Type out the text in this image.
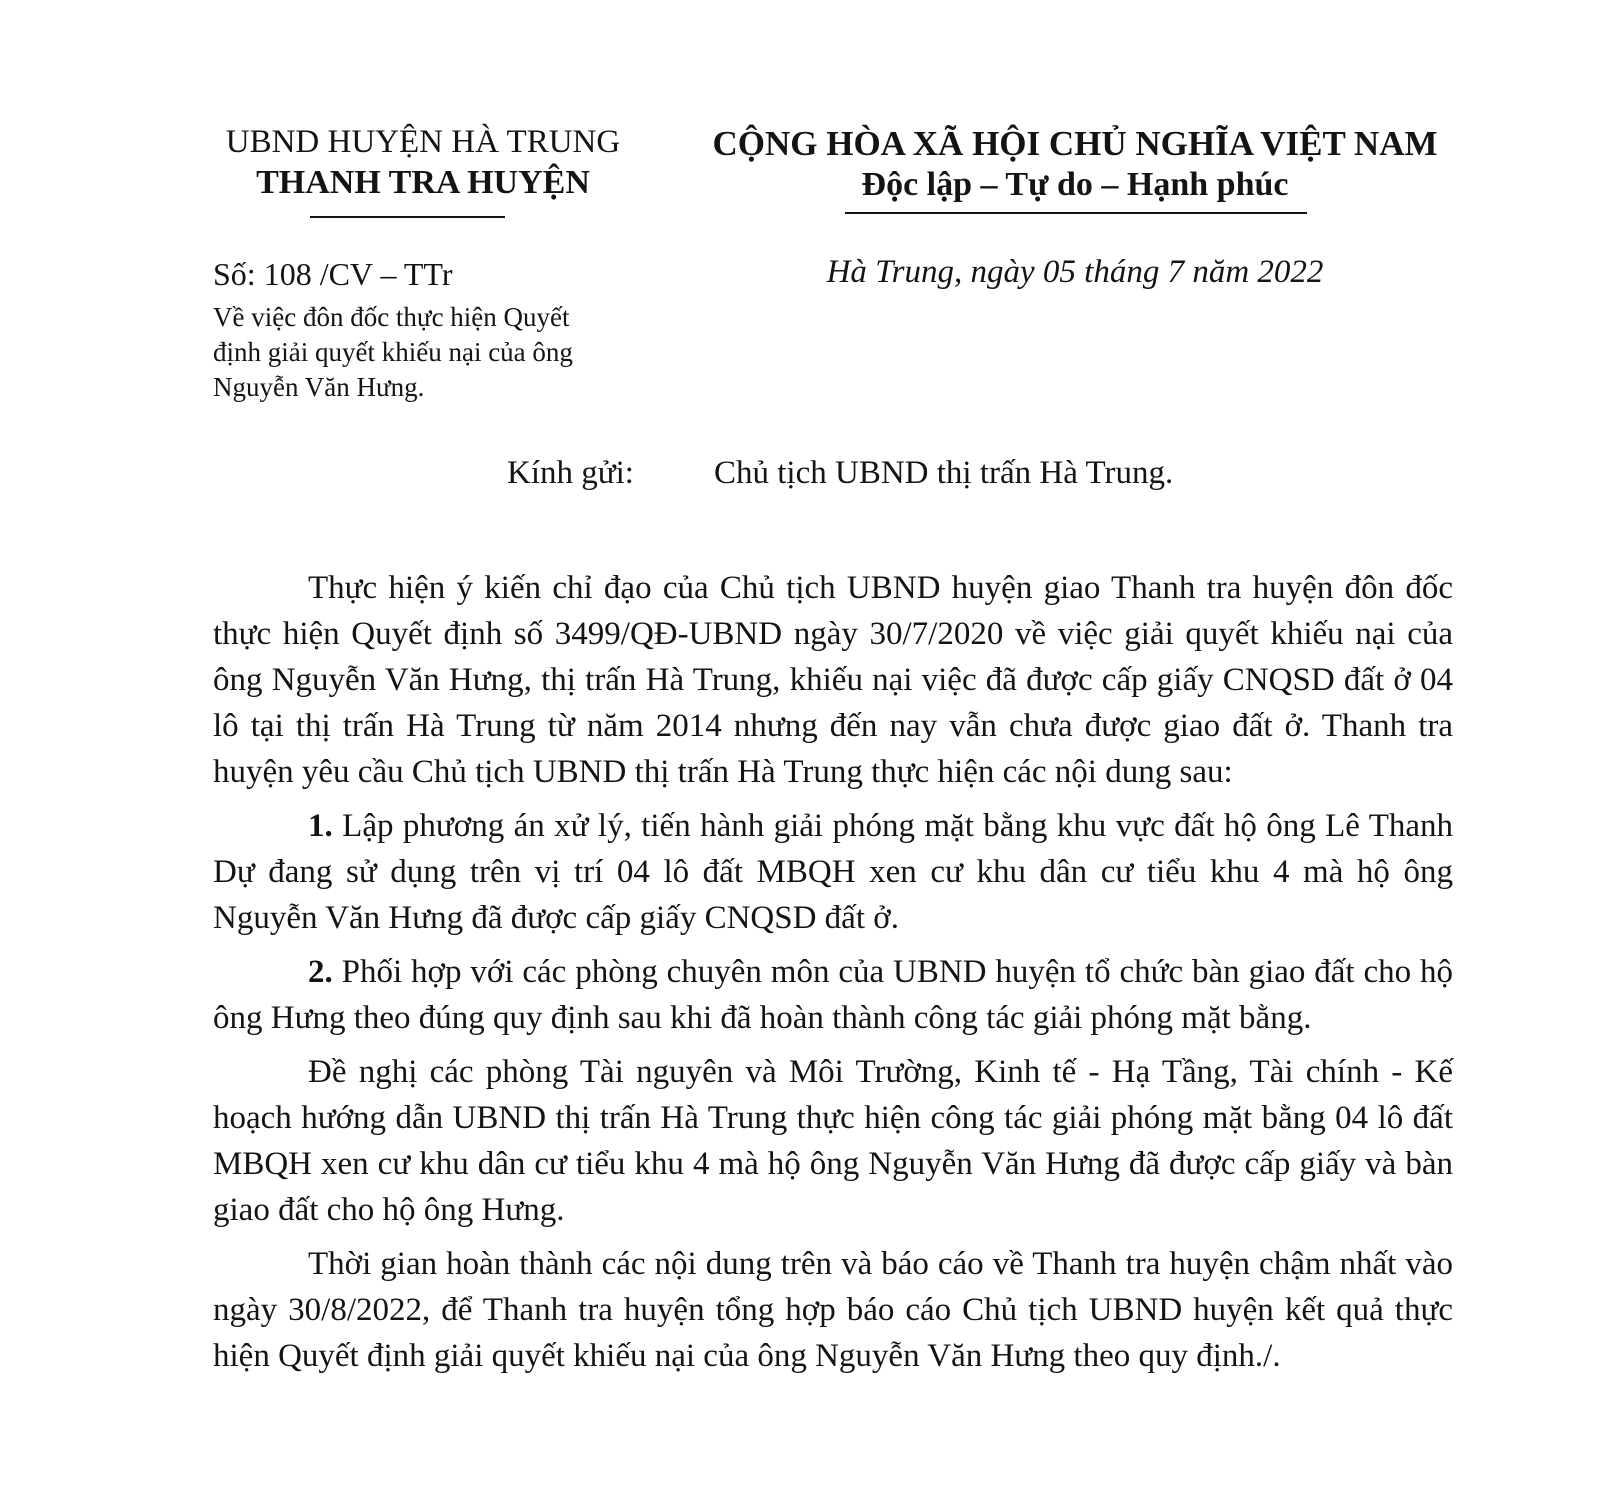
UBND HUYỆN HÀ TRUNG
THANH TRA HUYỆN
CỘNG HÒA XÃ HỘI CHỦ NGHĨA VIỆT NAM
Độc lập – Tự do – Hạnh phúc
Số: 108 /CV – TTr
Về việc đôn đốc thực hiện Quyết định giải quyết khiếu nại của ông Nguyễn Văn Hưng.
Hà Trung, ngày 05 tháng 7 năm 2022
Kính gửi: Chủ tịch UBND thị trấn Hà Trung.

Thực hiện ý kiến chỉ đạo của Chủ tịch UBND huyện giao Thanh tra huyện đôn đốc thực hiện Quyết định số 3499/QĐ-UBND ngày 30/7/2020 về việc giải quyết khiếu nại của ông Nguyễn Văn Hưng, thị trấn Hà Trung, khiếu nại việc đã được cấp giấy CNQSD đất ở 04 lô tại thị trấn Hà Trung từ năm 2014 nhưng đến nay vẫn chưa được giao đất ở. Thanh tra huyện yêu cầu Chủ tịch UBND thị trấn Hà Trung thực hiện các nội dung sau:

1. Lập phương án xử lý, tiến hành giải phóng mặt bằng khu vực đất hộ ông Lê Thanh Dự đang sử dụng trên vị trí 04 lô đất MBQH xen cư khu dân cư tiểu khu 4 mà hộ ông Nguyễn Văn Hưng đã được cấp giấy CNQSD đất ở.

2. Phối hợp với các phòng chuyên môn của UBND huyện tổ chức bàn giao đất cho hộ ông Hưng theo đúng quy định sau khi đã hoàn thành công tác giải phóng mặt bằng.

Đề nghị các phòng Tài nguyên và Môi Trường, Kinh tế - Hạ Tầng, Tài chính - Kế hoạch hướng dẫn UBND thị trấn Hà Trung thực hiện công tác giải phóng mặt bằng 04 lô đất MBQH xen cư khu dân cư tiểu khu 4 mà hộ ông Nguyễn Văn Hưng đã được cấp giấy và bàn giao đất cho hộ ông Hưng.

Thời gian hoàn thành các nội dung trên và báo cáo về Thanh tra huyện chậm nhất vào ngày 30/8/2022, để Thanh tra huyện tổng hợp báo cáo Chủ tịch UBND huyện kết quả thực hiện Quyết định giải quyết khiếu nại của ông Nguyễn Văn Hưng theo quy định./.
